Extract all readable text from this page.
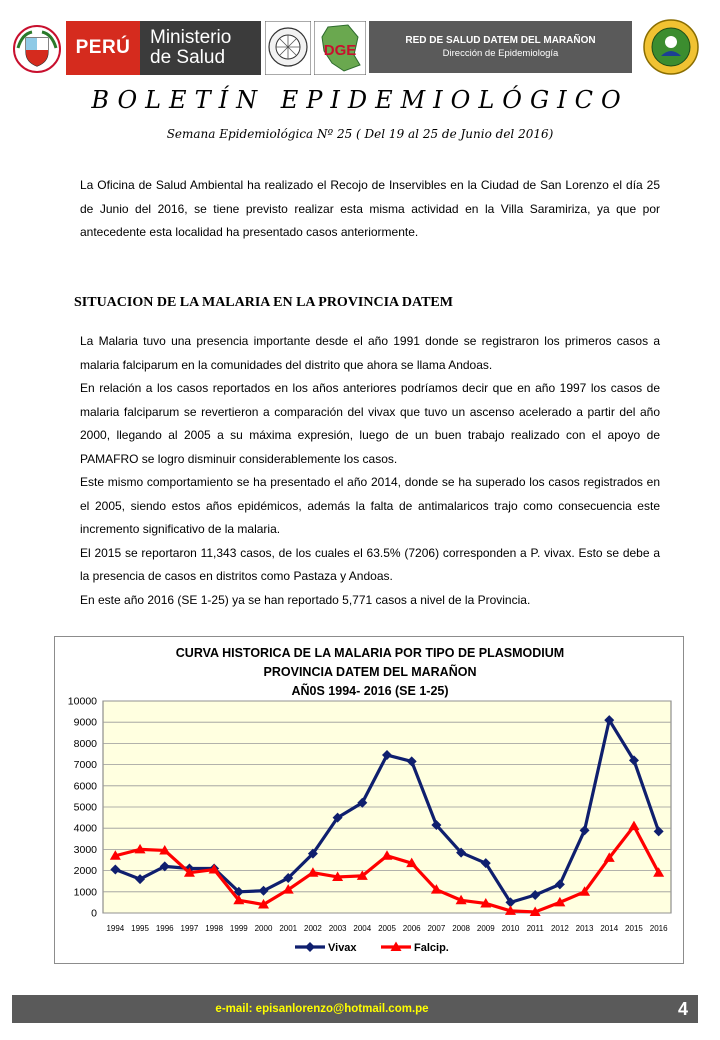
PERÚ	Ministerio
de Salud	DGE
RED DE SALUD DATEM DEL MARAÑON
Dirección de Epidemiología
BOLETÍN EPIDEMIOLÓGICO
Semana Epidemiológica Nº 25 ( Del 19 al 25 de Junio del 2016)
La Oficina de Salud Ambiental ha realizado el Recojo de Inservibles en la Ciudad de San Lorenzo el día 25 de Junio del 2016, se tiene previsto realizar esta misma actividad en la Villa Saramiriza, ya que por antecedente esta localidad ha presentado casos anteriormente.
SITUACION DE LA MALARIA EN LA PROVINCIA DATEM

La Malaria tuvo una presencia importante desde el año 1991 donde se registraron los primeros casos a malaria falciparum en la comunidades del distrito que ahora se llama Andoas.

En relación a los casos reportados en los años anteriores podríamos decir que en año 1997 los casos de malaria falciparum se revertieron a comparación del vivax que tuvo un ascenso acelerado a partir del año 2000, llegando al 2005 a su máxima expresión, luego de un buen trabajo realizado con el apoyo de PAMAFRO se logro disminuir considerablemente los casos.

Este mismo comportamiento se ha presentado el año 2014, donde se ha superado los casos registrados en el 2005, siendo estos años epidémicos, además la falta de antimalaricos trajo como consecuencia este incremento significativo de la malaria.

El 2015 se reportaron 11,343 casos, de los cuales el 63.5% (7206) corresponden a P. vivax. Esto se debe a la presencia de casos en distritos como Pastaza y Andoas.

En este año 2016 (SE 1-25) ya se han reportado 5,771 casos a nivel de la Provincia.

CURVA HISTORICA DE LA MALARIA POR TIPO DE PLASMODIUM
PROVINCIA DATEM DEL MARAÑON
AÑ0S 1994- 2016 (SE 1-25)
0
1000
2000
3000
4000
5000
6000
7000
8000
9000
10000
1994 1995 1996 1997 1998 1999 2000 2001 2002 2003 2004 2005 2006 2007 2008 2009 2010 2011 2012 2013 2014 2015 2016
Vivax	Falcip.
e-mail: episanlorenzo@hotmail.com.pe	4
